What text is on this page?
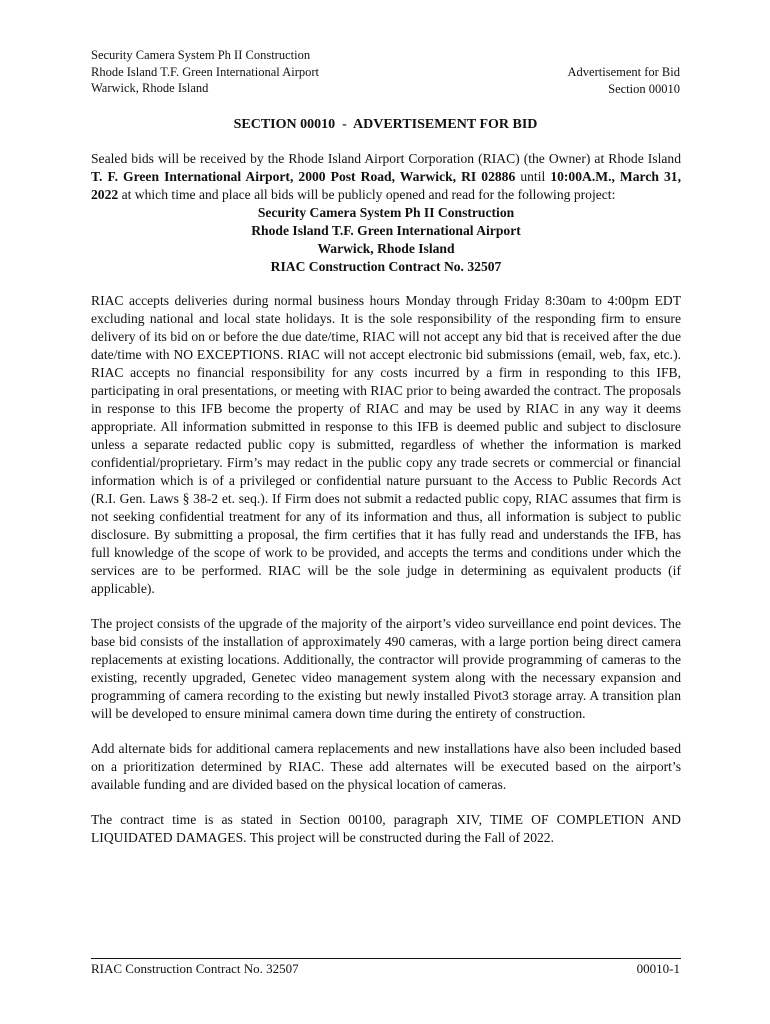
Security Camera System Ph II Construction
Rhode Island T.F. Green International Airport
Warwick, Rhode Island
Advertisement for Bid
Section 00010
SECTION 00010  -  ADVERTISEMENT FOR BID

Sealed bids will be received by the Rhode Island Airport Corporation (RIAC) (the Owner) at Rhode Island T. F. Green International Airport, 2000 Post Road, Warwick, RI 02886 until 10:00A.M., March 31, 2022 at which time and place all bids will be publicly opened and read for the following project:

Security Camera System Ph II Construction
Rhode Island T.F. Green International Airport
Warwick, Rhode Island
RIAC Construction Contract No. 32507

RIAC accepts deliveries during normal business hours Monday through Friday 8:30am to 4:00pm EDT excluding national and local state holidays. It is the sole responsibility of the responding firm to ensure delivery of its bid on or before the due date/time, RIAC will not accept any bid that is received after the due date/time with NO EXCEPTIONS. RIAC will not accept electronic bid submissions (email, web, fax, etc.). RIAC accepts no financial responsibility for any costs incurred by a firm in responding to this IFB, participating in oral presentations, or meeting with RIAC prior to being awarded the contract. The proposals in response to this IFB become the property of RIAC and may be used by RIAC in any way it deems appropriate. All information submitted in response to this IFB is deemed public and subject to disclosure unless a separate redacted public copy is submitted, regardless of whether the information is marked confidential/proprietary. Firm’s may redact in the public copy any trade secrets or commercial or financial information which is of a privileged or confidential nature pursuant to the Access to Public Records Act (R.I. Gen. Laws § 38-2 et. seq.). If Firm does not submit a redacted public copy, RIAC assumes that firm is not seeking confidential treatment for any of its information and thus, all information is subject to public disclosure. By submitting a proposal, the firm certifies that it has fully read and understands the IFB, has full knowledge of the scope of work to be provided, and accepts the terms and conditions under which the services are to be performed. RIAC will be the sole judge in determining as equivalent products (if applicable).

The project consists of the upgrade of the majority of the airport’s video surveillance end point devices. The base bid consists of the installation of approximately 490 cameras, with a large portion being direct camera replacements at existing locations. Additionally, the contractor will provide programming of cameras to the existing, recently upgraded, Genetec video management system along with the necessary expansion and programming of camera recording to the existing but newly installed Pivot3 storage array. A transition plan will be developed to ensure minimal camera down time during the entirety of construction.

Add alternate bids for additional camera replacements and new installations have also been included based on a prioritization determined by RIAC. These add alternates will be executed based on the airport’s available funding and are divided based on the physical location of cameras.

The contract time is as stated in Section 00100, paragraph XIV, TIME OF COMPLETION AND LIQUIDATED DAMAGES. This project will be constructed during the Fall of 2022.

RIAC Construction Contract No. 32507	00010-1
